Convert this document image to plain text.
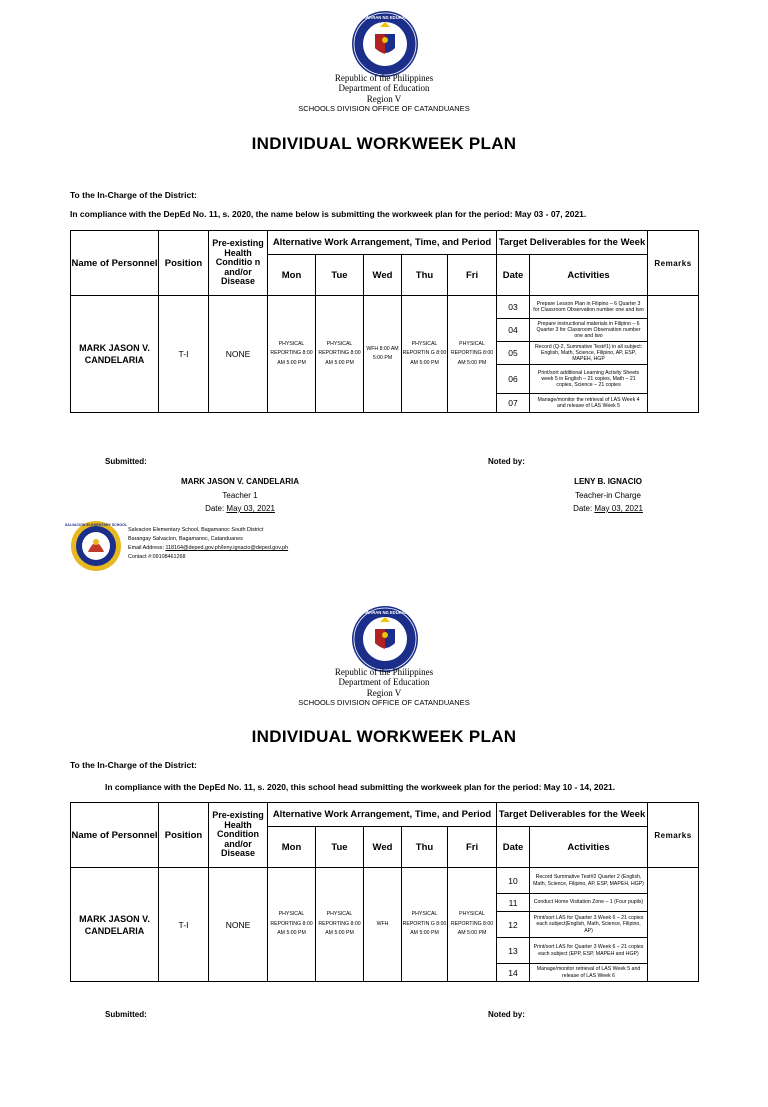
KAGAWARAN NG EDUKASYON
Republic of the Philippines
Department of Education
Region V
SCHOOLS DIVISION OFFICE OF CATANDUANES
INDIVIDUAL WORKWEEK PLAN
To the In-Charge of the District:
In compliance with the DepEd No. 11, s. 2020, the name below is submitting the workweek plan for the period: May 03 - 07, 2021.
Name of Personnel	Position	Pre-existing Health Conditio n and/or Disease	Alternative Work Arrangement, Time, and Period					Target Deliverables for the Week		Remarks
			Mon	Tue	Wed	Thu	Fri	Date	Activities	
MARK JASON V. CANDELARIA	T-I	NONE	PHYSICAL REPORTING 8:00 AM 5:00 PM	PHYSICAL REPORTING 8:00 AM 5:00 PM	WFH 8:00 AM 5:00 PM	PHYSICAL REPORTIN G 8:00 AM 5:00 PM	PHYSICAL REPORTING 8:00 AM 5:00 PM	03	Prepare Lesson Plan in Filipino – 6 Quarter 3 for Classroom Observation number one and two	
								04	Prepare instructional materials in Filipino – 6 Quarter 3 for Classroom Observation number one and two	
								05	Record (Q-2, Summative Test#1) in all subject: English, Math, Science, Filipino, AP, ESP, MAPEH, HGP	
								06	Print/sort additional Learning Activity Sheets week 5 in English – 21 copies, Math – 21 copies, Science – 21 copies	
								07	Manage/monitor the retrieval of LAS Week 4 and release of LAS Week 5	
Submitted:	Noted by:
MARK JASON V. CANDELARIA
Teacher 1
Date: May 03, 2021
LENY B. IGNACIO
Teacher-in Charge
Date: May 03, 2021
SALVACION ELEMENTARY SCHOOL
Salvacion Elementary School, Bagamanoc South District
Barangay Salvacion, Bagamanoc, Catanduanes
Email Address: 118164@deped.gov.ph/leny.ignacio@deped.gov.ph
Contact #:09108461268
KAGAWARAN NG EDUKASYON
Republic of the Philippines
Department of Education
Region V
SCHOOLS DIVISION OFFICE OF CATANDUANES
INDIVIDUAL WORKWEEK PLAN
To the In-Charge of the District:
In compliance with the DepEd No. 11, s. 2020, this school head submitting the workweek plan for the period: May 10 - 14, 2021.
Name of Personnel	Position	Pre-existing Health Condition and/or Disease	Alternative Work Arrangement, Time, and Period					Target Deliverables for the Week		Remarks
			Mon	Tue	Wed	Thu	Fri	Date	Activities	
MARK JASON V. CANDELARIA	T-I	NONE	PHYSICAL REPORTING 8:00 AM 5:00 PM	PHYSICAL REPORTING 8:00 AM 5:00 PM	WFH	PHYSICAL REPORTIN G 8:00 AM 5:00 PM	PHYSICAL REPORTING 8:00 AM 5:00 PM	10	Record Summative Test#2 Quarter 2 (English, Math, Science, Filipino, AP, ESP, MAPEH, HGP)	
								11	Conduct Home Visitation Zone – 1 (Four pupils)	
								12	Print/sort LAS for Quarter 3 Week 6 – 21 copies each subject(English, Math, Science, Filipino, AP)	
								13	Print/sort LAS for Quarter 3 Week 6 – 21 copies each subject (EPP, ESP, MAPEH and HGP)	
								14	Manage/monitor retrieval of LAS Week 5 and release of LAS Week 6	
Submitted:	Noted by:
